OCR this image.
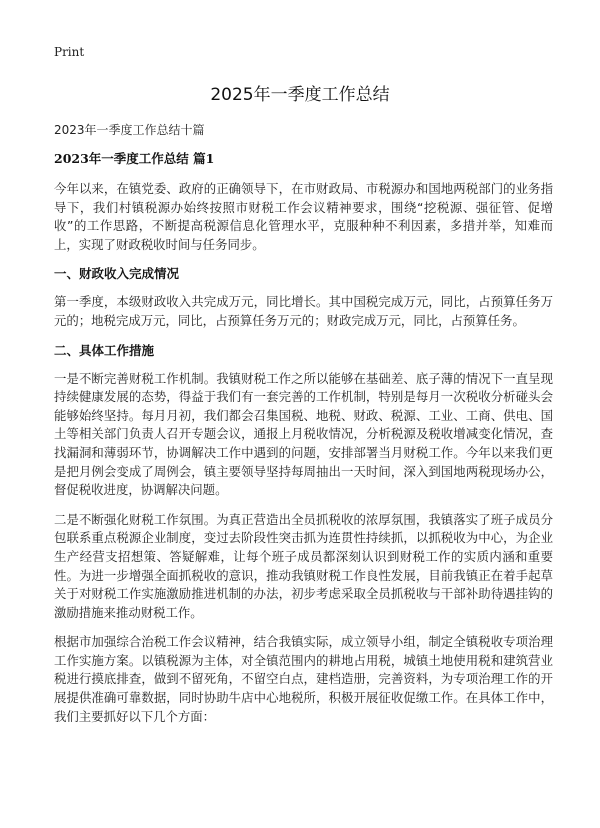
Print
2025年一季度工作总结
2023年一季度工作总结十篇
2023年一季度工作总结 篇1

今年以来，在镇党委、政府的正确领导下，在市财政局、市税源办和国地两税部门的业务指导下，我们村镇税源办始终按照市财税工作会议精神要求，围绕“挖税源、强征管、促增收”的工作思路，不断提高税源信息化管理水平，克服种种不利因素，多措并举，知难而上，实现了财政税收时间与任务同步。

一、财政收入完成情况

第一季度，本级财政收入共完成万元，同比增长。其中国税完成万元，同比，占预算任务万元的；地税完成万元，同比，占预算任务万元的；财政完成万元，同比，占预算任务。

二、具体工作措施

一是不断完善财税工作机制。我镇财税工作之所以能够在基础差、底子薄的情况下一直呈现持续健康发展的态势，得益于我们有一套完善的工作机制，特别是每月一次税收分析碰头会能够始终坚持。每月月初，我们都会召集国税、地税、财政、税源、工业、工商、供电、国土等相关部门负责人召开专题会议，通报上月税收情况，分析税源及税收增减变化情况，查找漏洞和薄弱环节，协调解决工作中遇到的问题，安排部署当月财税工作。今年以来我们更是把月例会变成了周例会，镇主要领导坚持每周抽出一天时间，深入到国地两税现场办公，督促税收进度，协调解决问题。

二是不断强化财税工作氛围。为真正营造出全员抓税收的浓厚氛围，我镇落实了班子成员分包联系重点税源企业制度，变过去阶段性突击抓为连贯性持续抓，以抓税收为中心，为企业生产经营支招想策、答疑解难，让每个班子成员都深刻认识到财税工作的实质内涵和重要性。为进一步增强全面抓税收的意识，推动我镇财税工作良性发展，目前我镇正在着手起草关于对财税工作实施激励推进机制的办法，初步考虑采取全员抓税收与干部补助待遇挂钩的激励措施来推动财税工作。

根据市加强综合治税工作会议精神，结合我镇实际，成立领导小组，制定全镇税收专项治理工作实施方案。以镇税源为主体，对全镇范围内的耕地占用税，城镇土地使用税和建筑营业税进行摸底排查，做到不留死角，不留空白点，建档造册，完善资料，为专项治理工作的开展提供准确可靠数据，同时协助牛店中心地税所，积极开展征收促缴工作。在具体工作中，我们主要抓好以下几个方面：
